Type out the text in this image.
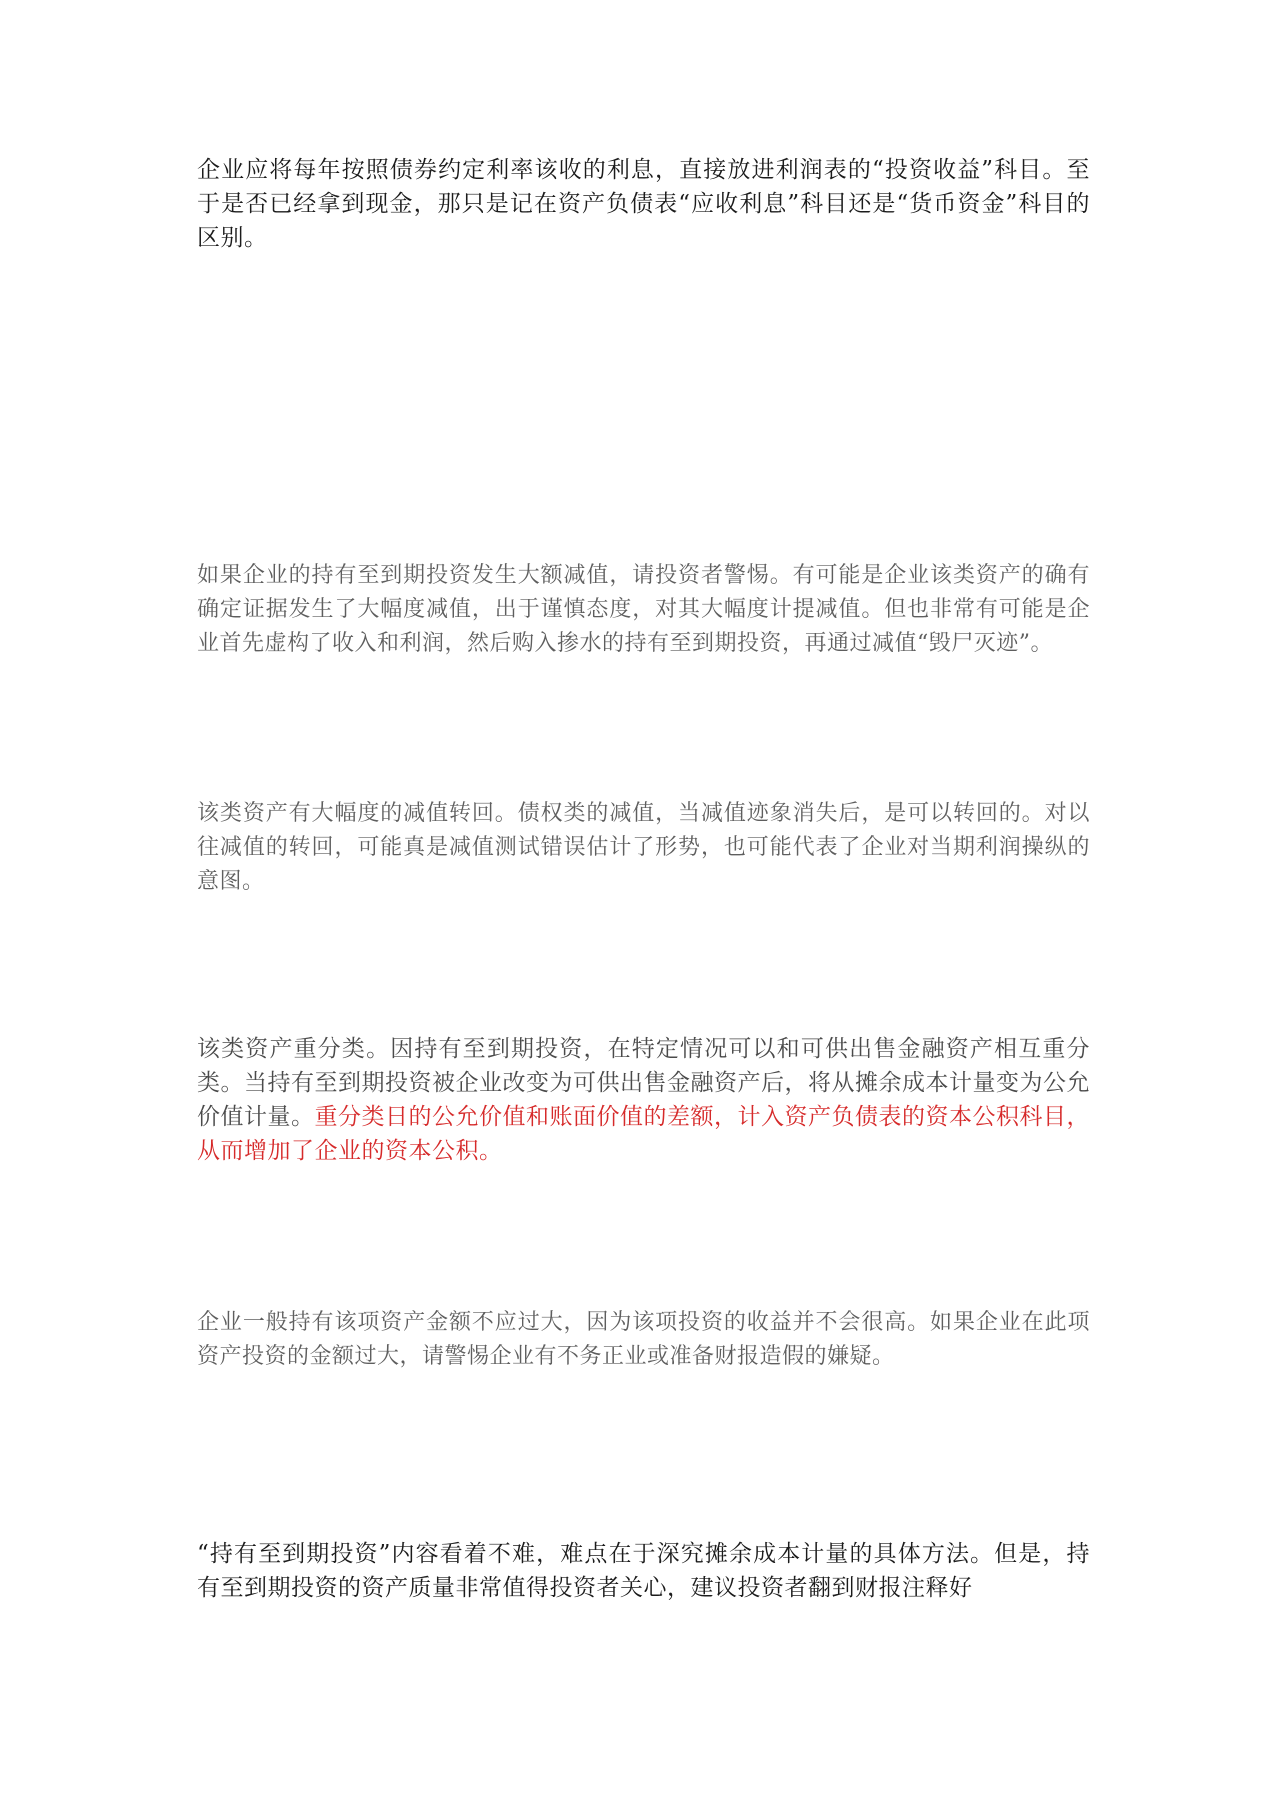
企业应将每年按照债券约定利率该收的利息，直接放进利润表的“投资收益”科目。至于是否已经拿到现金，那只是记在资产负债表“应收利息”科目还是“货币资金”科目的区别。

如果企业的持有至到期投资发生大额减值，请投资者警惕。有可能是企业该类资产的确有确定证据发生了大幅度减值，出于谨慎态度，对其大幅度计提减值。但也非常有可能是企业首先虚构了收入和利润，然后购入掺水的持有至到期投资，再通过减值“毁尸灭迹”。

该类资产有大幅度的减值转回。债权类的减值，当减值迹象消失后，是可以转回的。对以往减值的转回，可能真是减值测试错误估计了形势，也可能代表了企业对当期利润操纵的意图。

该类资产重分类。因持有至到期投资，在特定情况可以和可供出售金融资产相互重分类。当持有至到期投资被企业改变为可供出售金融资产后，将从摊余成本计量变为公允价值计量。重分类日的公允价值和账面价值的差额，计入资产负债表的资本公积科目，从而增加了企业的资本公积。

企业一般持有该项资产金额不应过大，因为该项投资的收益并不会很高。如果企业在此项资产投资的金额过大，请警惕企业有不务正业或准备财报造假的嫌疑。

“持有至到期投资”内容看着不难，难点在于深究摊余成本计量的具体方法。但是，持有至到期投资的资产质量非常值得投资者关心，建议投资者翻到财报注释好
